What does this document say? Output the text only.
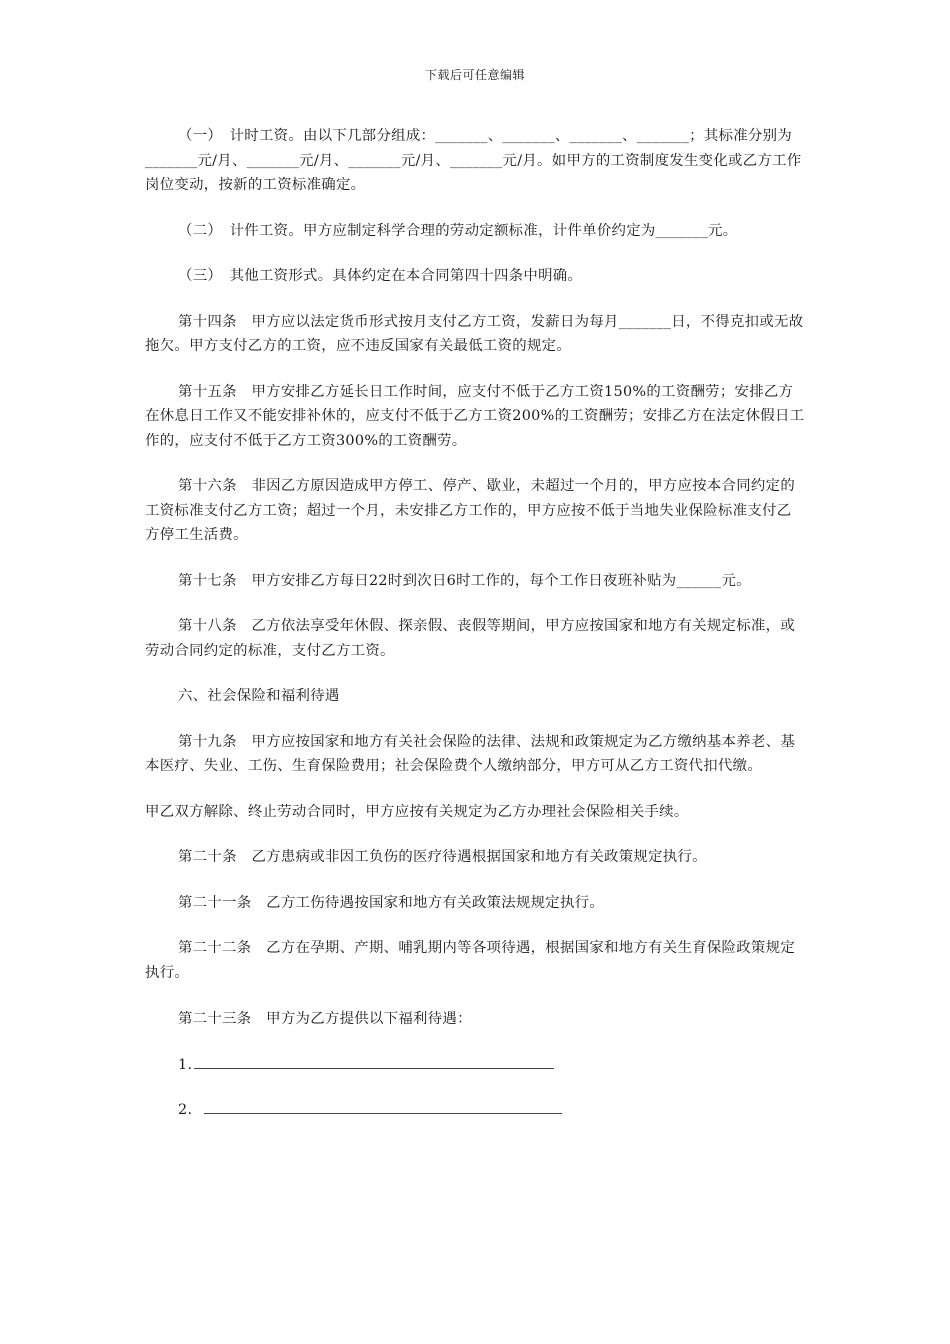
下载后可任意编辑

（一）　计时工资。由以下几部分组成：_______、_______、_______、_______；其标准分别为_______元/月、_______元/月、_______元/月、_______元/月。如甲方的工资制度发生变化或乙方工作岗位变动，按新的工资标准确定。

（二）　计件工资。甲方应制定科学合理的劳动定额标准，计件单价约定为_______元。

（三）　其他工资形式。具体约定在本合同第四十四条中明确。

第十四条　甲方应以法定货币形式按月支付乙方工资，发薪日为每月_______日，不得克扣或无故拖欠。甲方支付乙方的工资，应不违反国家有关最低工资的规定。

第十五条　甲方安排乙方延长日工作时间，应支付不低于乙方工资150%的工资酬劳；安排乙方在休息日工作又不能安排补休的，应支付不低于乙方工资200%的工资酬劳；安排乙方在法定休假日工作的，应支付不低于乙方工资300%的工资酬劳。

第十六条　非因乙方原因造成甲方停工、停产、歇业，未超过一个月的，甲方应按本合同约定的工资标准支付乙方工资；超过一个月，未安排乙方工作的，甲方应按不低于当地失业保险标准支付乙方停工生活费。

第十七条　甲方安排乙方每日22时到次日6时工作的，每个工作日夜班补贴为______元。

第十八条　乙方依法享受年休假、探亲假、丧假等期间，甲方应按国家和地方有关规定标准，或劳动合同约定的标准，支付乙方工资。

六、社会保险和福利待遇

第十九条　甲方应按国家和地方有关社会保险的法律、法规和政策规定为乙方缴纳基本养老、基本医疗、失业、工伤、生育保险费用；社会保险费个人缴纳部分，甲方可从乙方工资代扣代缴。

甲乙双方解除、终止劳动合同时，甲方应按有关规定为乙方办理社会保险相关手续。

第二十条　乙方患病或非因工负伤的医疗待遇根据国家和地方有关政策规定执行。

第二十一条　乙方工伤待遇按国家和地方有关政策法规规定执行。

第二十二条　乙方在孕期、产期、哺乳期内等各项待遇，根据国家和地方有关生育保险政策规定执行。

第二十三条　甲方为乙方提供以下福利待遇：

1.

2.
